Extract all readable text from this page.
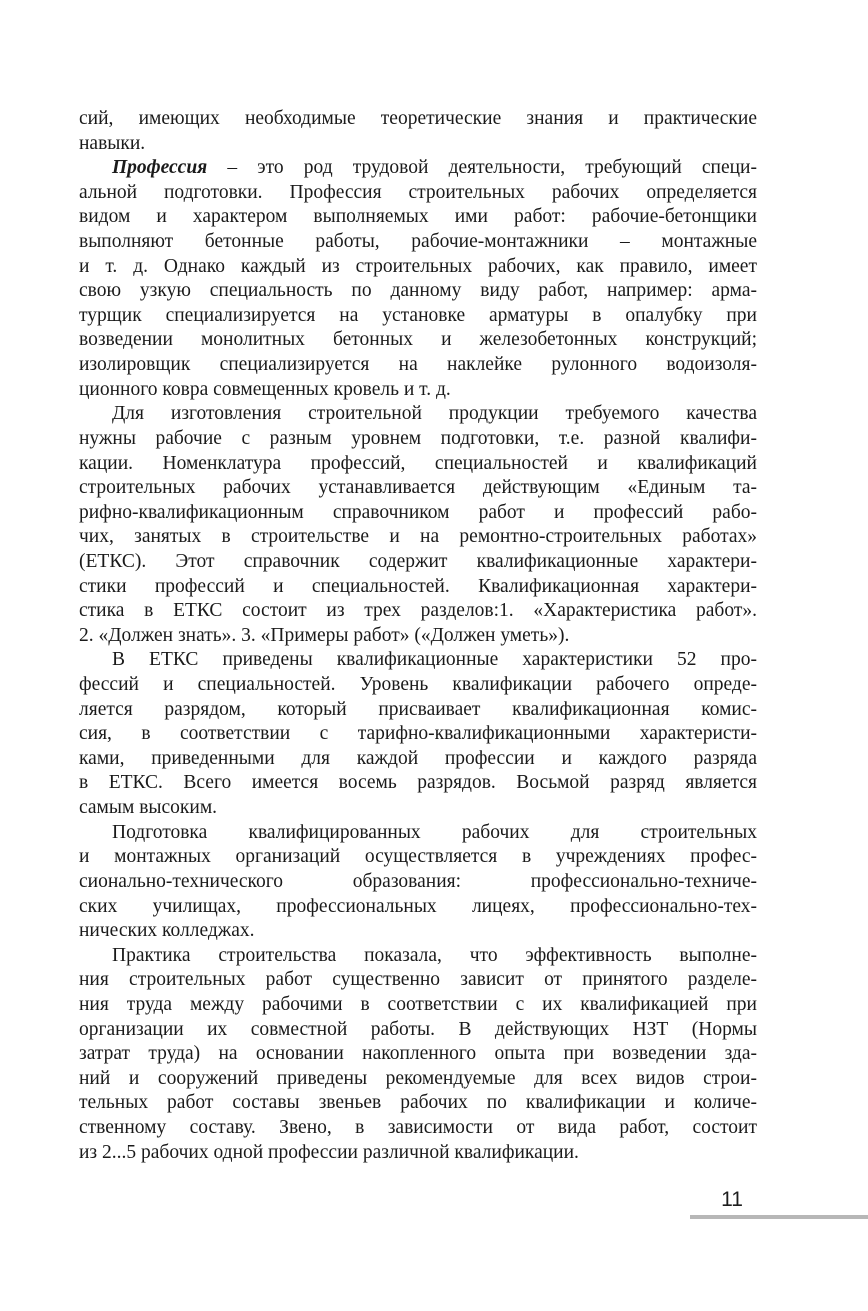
сий, имеющих необходимые теоретические знания и практические
навыки.
Профессия – это род трудовой деятельности, требующий специ-
альной подготовки. Профессия строительных рабочих определяется
видом и характером выполняемых ими работ: рабочие-бетонщики
выполняют бетонные работы, рабочие-монтажники – монтажные
и т. д. Однако каждый из строительных рабочих, как правило, имеет
свою узкую специальность по данному виду работ, например: арма-
турщик специализируется на установке арматуры в опалубку при
возведении монолитных бетонных и железобетонных конструкций;
изолировщик специализируется на наклейке рулонного водоизоля-
ционного ковра совмещенных кровель и т. д.
Для изготовления строительной продукции требуемого качества
нужны рабочие с разным уровнем подготовки, т.е. разной квалифи-
кации. Номенклатура профессий, специальностей и квалификаций
строительных рабочих устанавливается действующим «Единым та-
рифно-квалификационным справочником работ и профессий рабо-
чих, занятых в строительстве и на ремонтно-строительных работах»
(ЕТКС). Этот справочник содержит квалификационные характери-
стики профессий и специальностей. Квалификационная характери-
стика в ЕТКС состоит из трех разделов:1. «Характеристика работ».
2. «Должен знать». 3. «Примеры работ» («Должен уметь»).
В ЕТКС приведены квалификационные характеристики 52 про-
фессий и специальностей. Уровень квалификации рабочего опреде-
ляется разрядом, который присваивает квалификационная комис-
сия, в соответствии с тарифно-квалификационными характеристи-
ками, приведенными для каждой профессии и каждого разряда
в ЕТКС. Всего имеется восемь разрядов. Восьмой разряд является
самым высоким.
Подготовка квалифицированных рабочих для строительных
и монтажных организаций осуществляется в учреждениях профес-
сионально-технического образования: профессионально-техниче-
ских училищах, профессиональных лицеях, профессионально-тех-
нических колледжах.
Практика строительства показала, что эффективность выполне-
ния строительных работ существенно зависит от принятого разделе-
ния труда между рабочими в соответствии с их квалификацией при
организации их совместной работы. В действующих НЗТ (Нормы
затрат труда) на основании накопленного опыта при возведении зда-
ний и сооружений приведены рекомендуемые для всех видов строи-
тельных работ составы звеньев рабочих по квалификации и количе-
ственному составу. Звено, в зависимости от вида работ, состоит
из 2...5 рабочих одной профессии различной квалификации.
11
